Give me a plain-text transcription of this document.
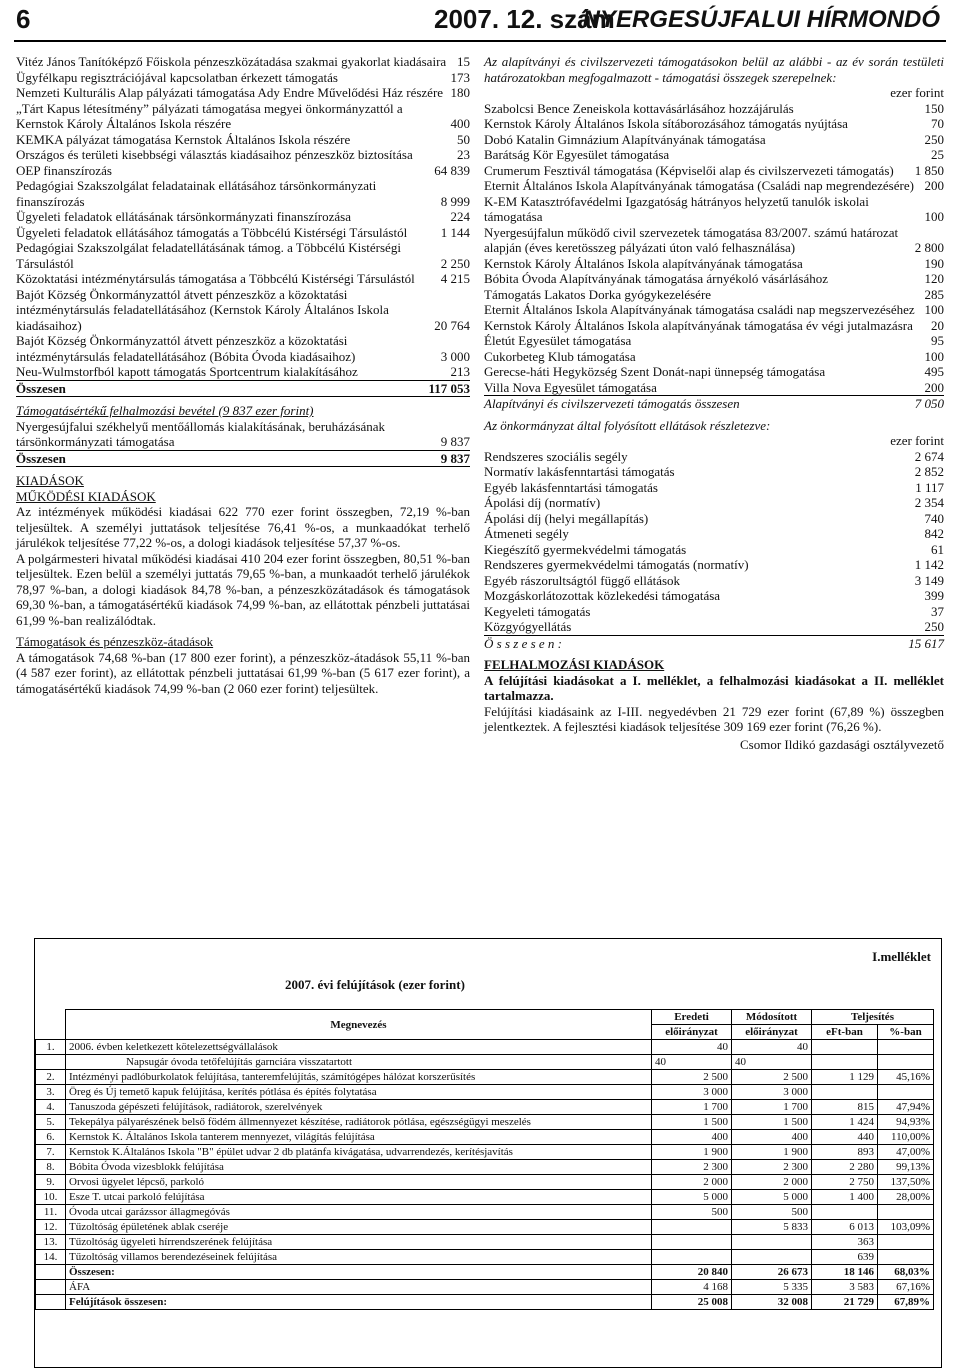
6	2007. 12. szám
NYERGESÚJFALUI HÍRMONDÓ
Vitéz János Tanítóképző Főiskola pénzeszközátadása szakmai gyakorlat kiadásaira 15
Ügyfélkapu regisztrációjával kapcsolatban érkezett támogatás	173
Nemzeti Kulturális Alap pályázati támogatása Ady Endre Művelődési Ház részére 180
„Tárt Kapus létesítmény” pályázati támogatása megyei önkormányzattól a Kernstok Károly Általános Iskola részére	400
KEMKA pályázat támogatása Kernstok Általános Iskola részére	50
Országos és területi kisebbségi választás kiadásaihoz pénzeszköz biztosítása	23
OEP finanszírozás	64 839
Pedagógiai Szakszolgálat feladatainak ellátásához társönkormányzati finanszírozás	8 999
Ügyeleti feladatok ellátásának társönkormányzati finanszírozása	224
Ügyeleti feladatok ellátásához támogatás a Többcélú Kistérségi Társulástól	1 144
Pedagógiai Szakszolgálat feladatellátásának támog. a Többcélú Kistérségi Társulástól	2 250
Közoktatási intézménytársulás támogatása a Többcélú Kistérségi Társulástól	4 215
Bajót Község Önkormányzattól átvett pénzeszköz a közoktatási intézménytársulás feladatellátásához (Kernstok Károly Általános Iskola kiadásaihoz)	20 764
Bajót Község Önkormányzattól átvett pénzeszköz a közoktatási intézménytársulás feladatellátásához (Bóbita Óvoda kiadásaihoz)	3 000
Neu-Wulmstorfból kapott támogatás Sportcentrum kialakításához	213
Összesen	117 053
Támogatásértékű felhalmozási bevétel (9 837 ezer forint)
Nyergesújfalui székhelyű mentőállomás kialakításának, beruházásának társönkormányzati támogatása	9 837
Összesen	9 837
KIADÁSOK
MŰKÖDÉSI KIADÁSOK

Az intézmények működési kiadásai 622 770 ezer forint összegben, 72,19 %-ban teljesültek. A személyi juttatások teljesítése 76,41 %-os, a munkaadókat terhelő járulékok teljesítése 77,22 %-os, a dologi kiadások teljesítése 57,37 %-os.

A polgármesteri hivatal működési kiadásai 410 204 ezer forint összegben, 80,51 %-ban teljesültek. Ezen belül a személyi juttatás 79,65 %-ban, a munkaadót terhelő járulékok 78,97 %-ban, a dologi kiadások 84,78 %-ban, a pénzeszközátadások és támogatások 69,30 %-ban, a támogatásértékű kiadások 74,99 %-ban, az ellátottak pénzbeli juttatásai 61,99 %-ban realizálódtak.

Támogatások és pénzeszköz-átadások

A támogatások 74,68 %-ban (17 800 ezer forint), a pénzeszköz-átadások 55,11 %-ban (4 587 ezer forint), az ellátottak pénzbeli juttatásai 61,99 %-ban (5 617 ezer forint), a támogatásértékű kiadások 74,99 %-ban (2 060 ezer forint) teljesültek.

Az alapítványi és civilszervezeti támogatásokon belül az alábbi - az év során testületi határozatokban megfogalmazott - támogatási összegek szerepelnek:

ezer forint
Szabolcsi Bence Zeneiskola kottavásárlásához hozzájárulás	150
Kernstok Károly Általános Iskola sítáborozásához támogatás nyújtása	70
Dobó Katalin Gimnázium Alapítványának támogatása	250
Barátság Kör Egyesület támogatása	25
Crumerum Fesztivál támogatása (Képviselői alap és civilszervezeti támogatás)	1 850
Eternit Általános Iskola Alapítványának támogatása (Családi nap megrendezésére) 200
K-EM Katasztrófavédelmi Igazgatóság hátrányos helyzetű tanulók iskolai támogatása	100
Nyergesújfalun működő civil szervezetek támogatása 83/2007. számú határozat alapján (éves keretösszeg pályázati úton való felhasználása)	2 800
Kernstok Károly Általános Iskola alapítványának támogatása	190
Bóbita Óvoda Alapítványának támogatása árnyékoló vásárlásához	120
Támogatás Lakatos Dorka gyógykezelésére	285
Eternit Általános Iskola Alapítványának támogatása családi nap megszervezéséhez 100
Kernstok Károly Általános Iskola alapítványának támogatása év végi jutalmazásra	20
Életút Egyesület támogatása	95
Cukorbeteg Klub támogatása	100
Gerecse-háti Hegyközség Szent Donát-napi ünnepség támogatása	495
Villa Nova Egyesület támogatása	200
Alapítványi és civilszervezeti támogatás összesen	7 050
Az önkormányzat által folyósított ellátások részletezve:
ezer forint
Rendszeres szociális segély	2 674
Normatív lakásfenntartási támogatás	2 852
Egyéb lakásfenntartási támogatás	1 117
Ápolási díj (normatív)	2 354
Ápolási díj (helyi megállapítás)	740
Átmeneti segély	842
Kiegészítő gyermekvédelmi támogatás	61
Rendszeres gyermekvédelmi támogatás (normatív)	1 142
Egyéb rászorultságtól függő ellátások	3 149
Mozgáskorlátozottak közlekedési támogatása	399
Kegyeleti támogatás	37
Közgyógyellátás	250
Ö s s z e s e n :	15 617
FELHALMOZÁSI KIADÁSOK

A felújítási kiadásokat a I. melléklet, a felhalmozási kiadásokat a II. melléklet tartalmazza.

Felújítási kiadásaink az I-III. negyedévben 21 729 ezer forint (67,89 %) összegben jelentkeztek. A fejlesztési kiadások teljesítése 309 169 ezer forint (76,26 %).

Csomor Ildikó gazdasági osztályvezető
I.melléklet
2007. évi felújítások (ezer forint)
	Megnevezés	Eredeti	Módosított	Teljesítés	
		előirányzat	előirányzat	eFt-ban	%-ban
1.	2006. évben keletkezett kötelezettségvállalások	40	40		
	Napsugár óvoda tetőfelújítás garnciára visszatartott	40	40		
2.	Intézményi padlóburkolatok felújítása, tanteremfelújítás, számítógépes hálózat korszerűsítés	2 500	2 500	1 129	45,16%
3.	Öreg és Új temető kapuk felújítása, kerítés pótlása és építés folytatása	3 000	3 000		
4.	Tanuszoda gépészeti felújítások, radiátorok, szerelvények	1 700	1 700	815	47,94%
5.	Tekepálya pályarészének belső födém állmennyezet készítése, radiátorok pótlása, egészségügyi meszelés	1 500	1 500	1 424	94,93%
6.	Kernstok K. Általános Iskola tanterem mennyezet, világítás felújítása	400	400	440	110,00%
7.	Kernstok K.Általános Iskola "B" épület udvar 2 db platánfa kivágatása, udvarrendezés, kerítésjavítás	1 900	1 900	893	47,00%
8.	Bóbita Óvoda vizesblokk felújítása	2 300	2 300	2 280	99,13%
9.	Orvosi ügyelet lépcső, parkoló	2 000	2 000	2 750	137,50%
10.	Esze T. utcai parkoló felújítása	5 000	5 000	1 400	28,00%
11.	Óvoda utcai garázssor állagmegóvás	500	500		
12.	Tűzoltóság épületének ablak cseréje		5 833	6 013	103,09%
13.	Tűzoltóság ügyeleti hírrendszerének felújítása			363	
14.	Tűzoltóság villamos berendezéseinek felújítása			639	
	Összesen:	20 840	26 673	18 146	68,03%
	ÁFA	4 168	5 335	3 583	67,16%
	Felújítások összesen:	25 008	32 008	21 729	67,89%
